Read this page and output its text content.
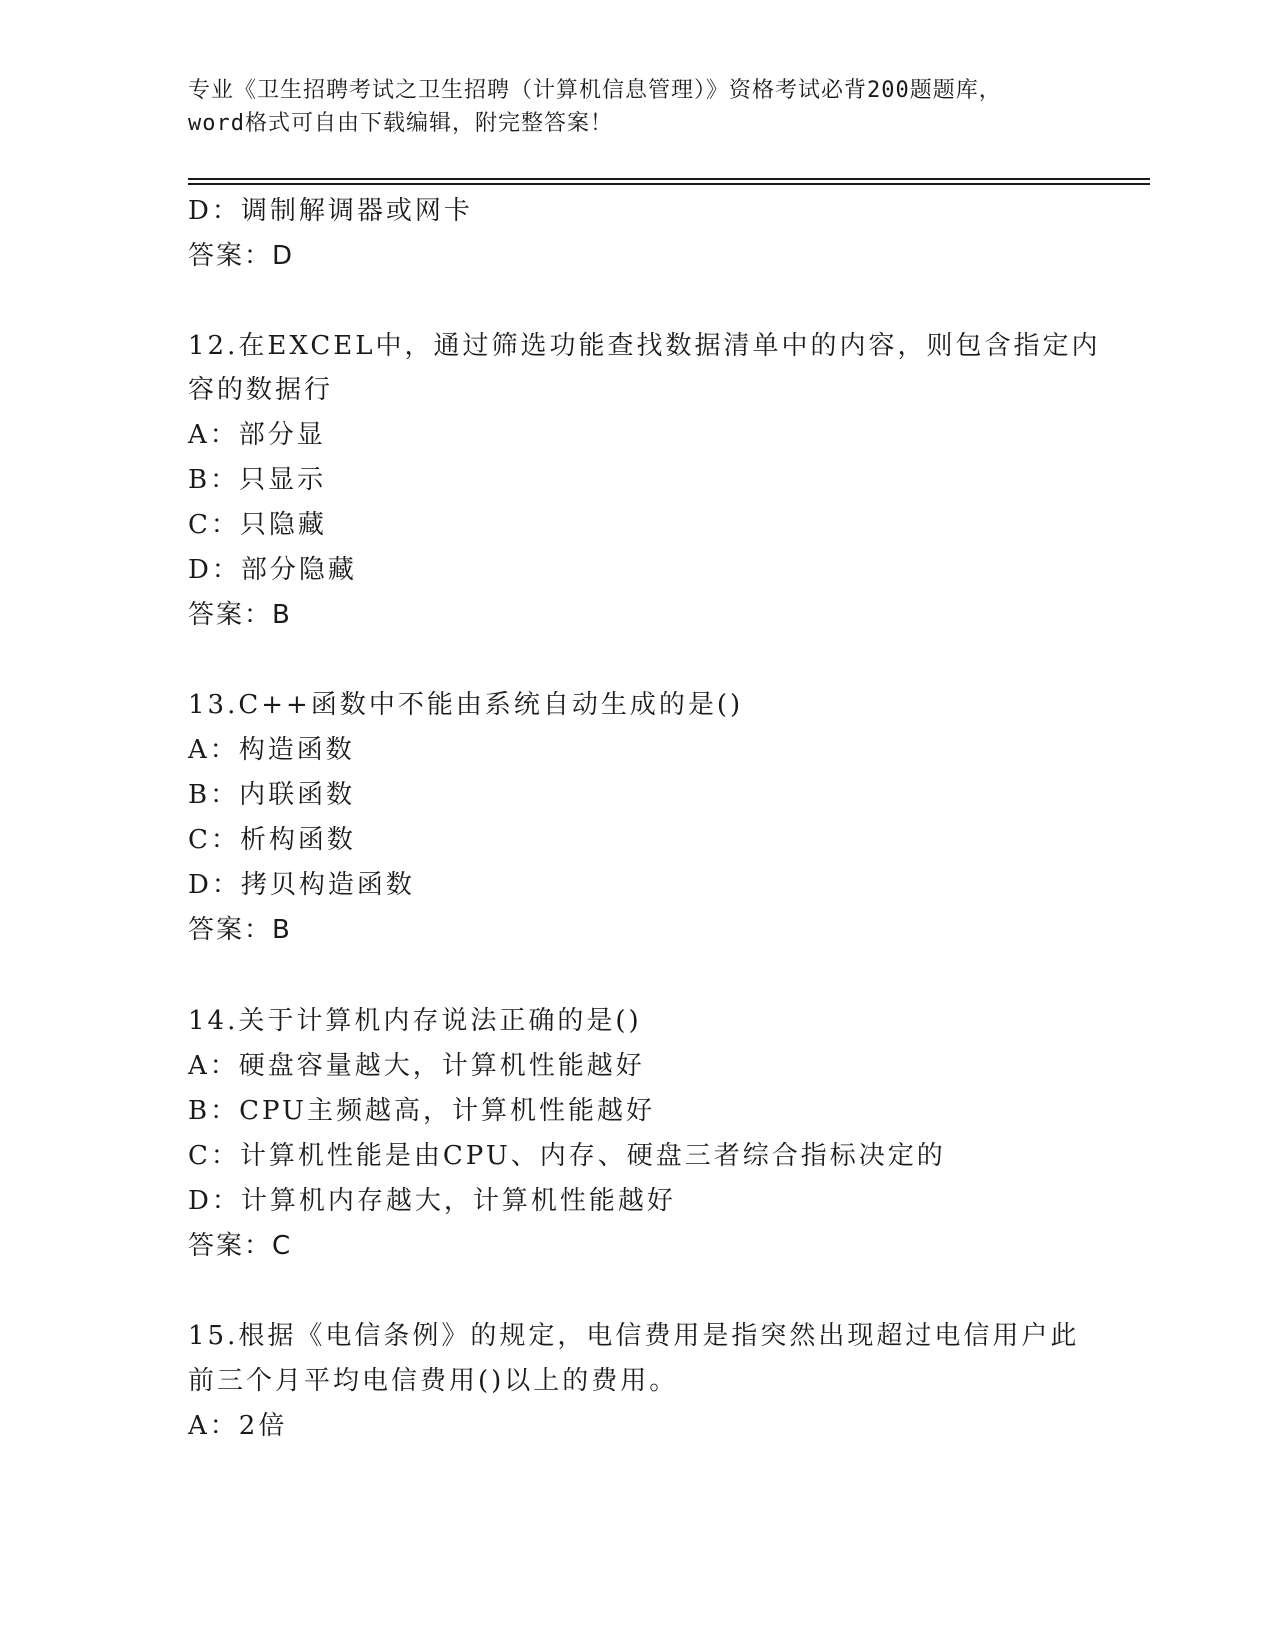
专业《卫生招聘考试之卫生招聘（计算机信息管理）》资格考试必背200题题库，
word格式可自由下载编辑，附完整答案！
D：调制解调器或网卡
答案：D
12.在EXCEL中，通过筛选功能查找数据清单中的内容，则包含指定内
容的数据行
A：部分显
B：只显示
C：只隐藏
D：部分隐藏
答案：B
13.C++函数中不能由系统自动生成的是()
A：构造函数
B：内联函数
C：析构函数
D：拷贝构造函数
答案：B
14.关于计算机内存说法正确的是()
A：硬盘容量越大，计算机性能越好
B：CPU主频越高，计算机性能越好
C：计算机性能是由CPU、内存、硬盘三者综合指标决定的
D：计算机内存越大，计算机性能越好
答案：C
15.根据《电信条例》的规定，电信费用是指突然出现超过电信用户此
前三个月平均电信费用()以上的费用。
A：2倍
